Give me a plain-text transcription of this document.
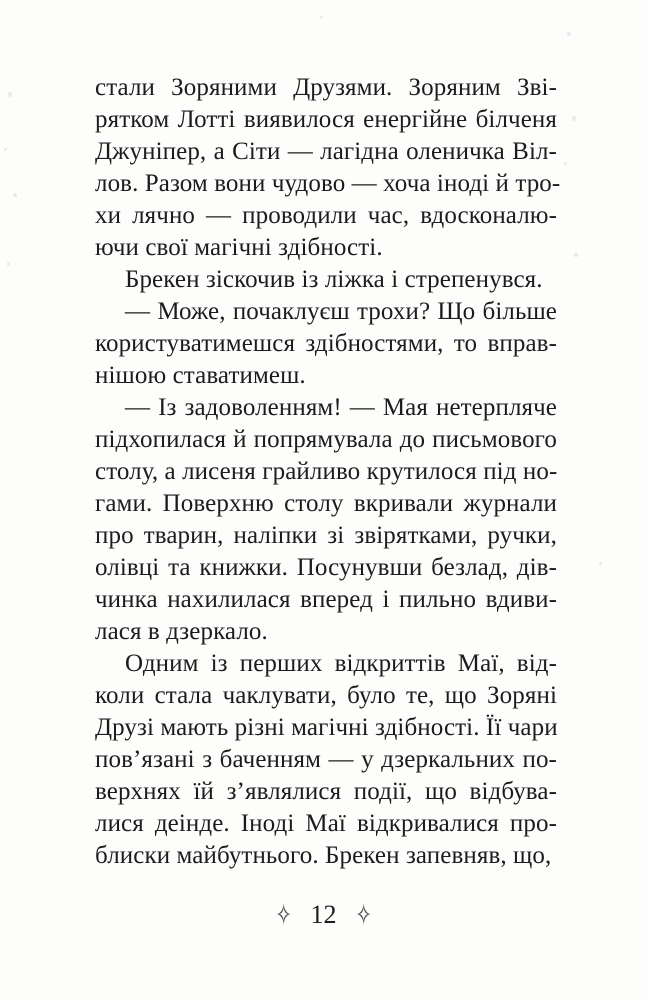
стали Зоряними Друзями. Зоряним Зві-
рятком Лотті виявилося енергійне білченя
Джуніпер, а Сіти — лагідна оленичка Віл-
лов. Разом вони чудово — хоча іноді й тро-
хи лячно — проводили час, вдосконалю-
ючи свої магічні здібності.
Брекен зіскочив із ліжка і стрепенувся.
— Може, почаклуєш трохи? Що більше
користуватимешся здібностями, то вправ-
нішою ставатимеш.
— Із задоволенням! — Мая нетерпляче
підхопилася й попрямувала до письмового
столу, а лисеня грайливо крутилося під но-
гами. Поверхню столу вкривали журнали
про тварин, наліпки зі звірятками, ручки,
олівці та книжки. Посунувши безлад, дів-
чинка нахилилася вперед і пильно вдиви-
лася в дзеркало.
Одним із перших відкриттів Маї, від-
коли стала чаклувати, було те, що Зоряні
Друзі мають різні магічні здібності. Її чари
пов’язані з баченням — у дзеркальних по-
верхнях їй з’являлися події, що відбува-
лися деінде. Іноді Маї відкривалися про-
блиски майбутнього. Брекен запевняв, що,
✧ 12 ✧
